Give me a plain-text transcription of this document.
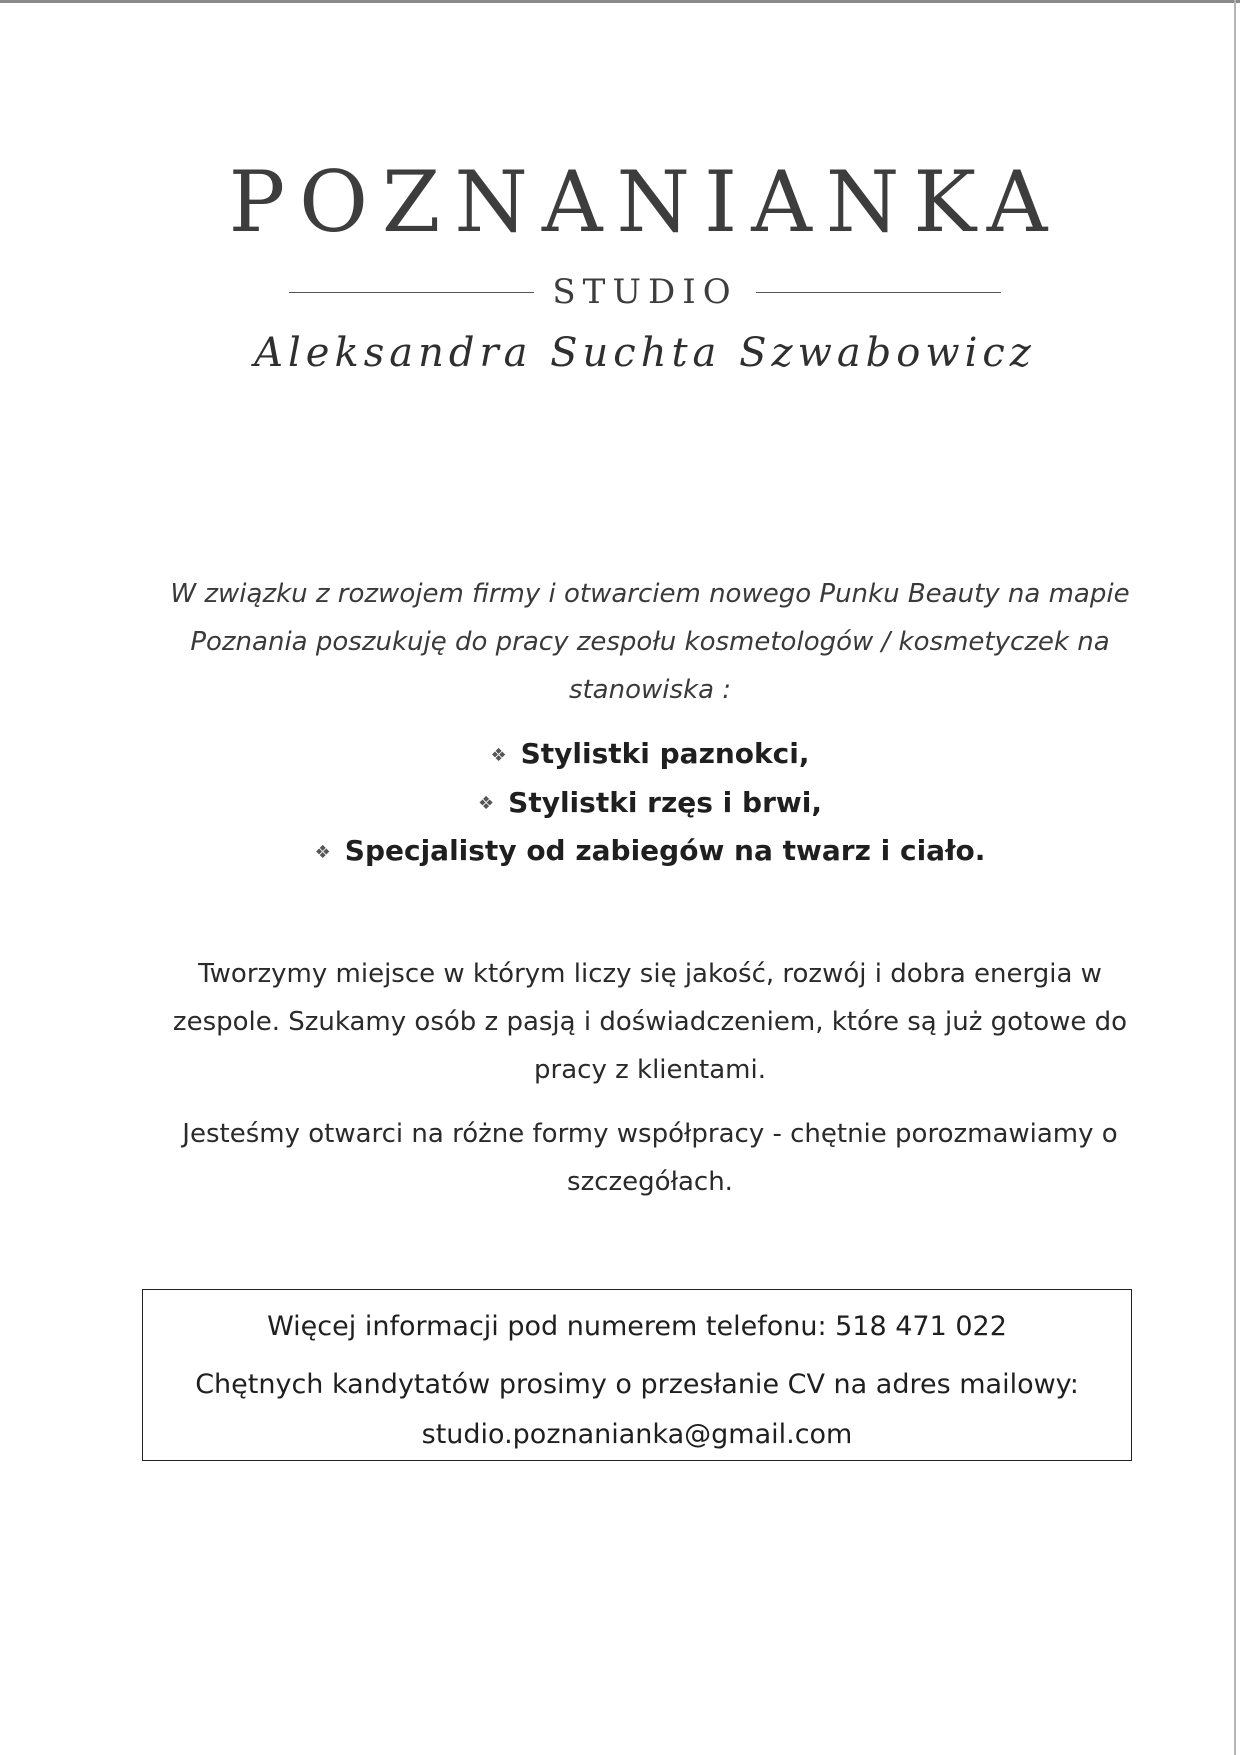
POZNANIANKA
STUDIO
Aleksandra Suchta Szwabowicz
W związku z rozwojem firmy i otwarciem nowego Punku Beauty na mapie Poznania poszukuję do pracy zespołu kosmetologów / kosmetyczek na stanowiska :
❖ Stylistki paznokci,
❖ Stylistki rzęs i brwi,
❖ Specjalisty od zabiegów na twarz i ciało.
Tworzymy miejsce w którym liczy się jakość, rozwój i dobra energia w zespole. Szukamy osób z pasją i doświadczeniem, które są już gotowe do pracy z klientami.
Jesteśmy otwarci na różne formy współpracy - chętnie porozmawiamy o szczegółach.
Więcej informacji pod numerem telefonu: 518 471 022
Chętnych kandytatów prosimy o przesłanie CV na adres mailowy:
studio.poznanianka@gmail.com
